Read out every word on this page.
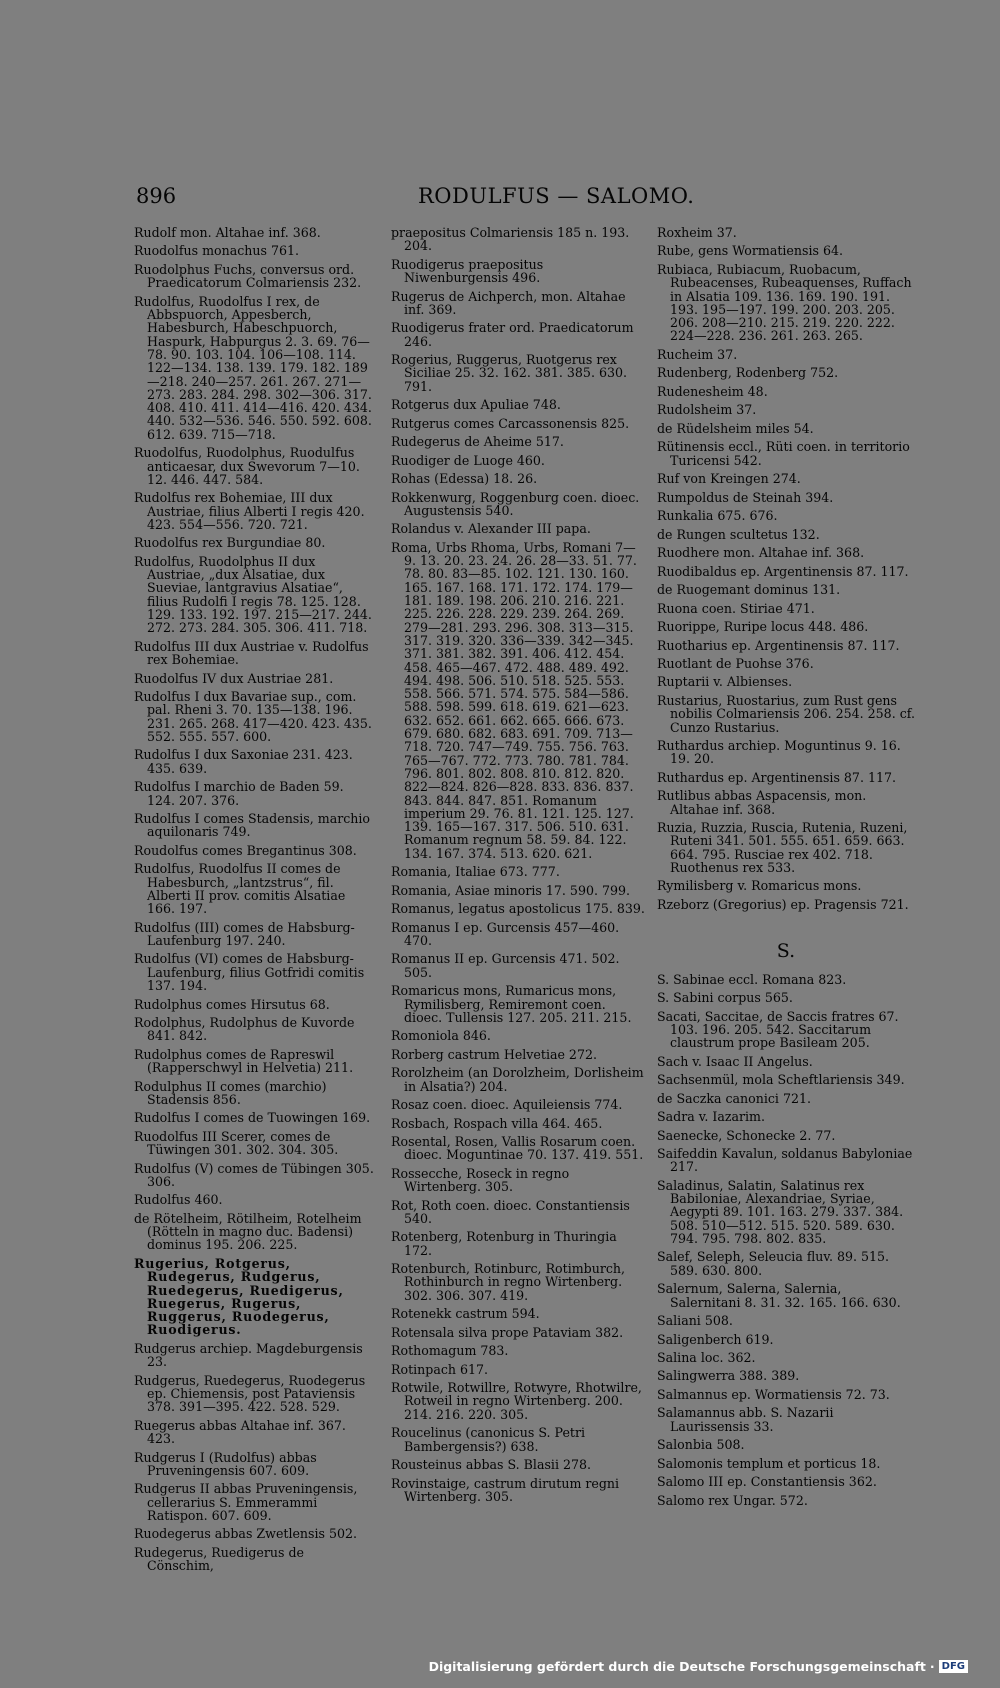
896	RODULFUS — SALOMO.
Rudolf mon. Altahae inf. 368.
Ruodolfus monachus 761.
Ruodolphus Fuchs, conversus ord. Praedicatorum Colmariensis 232.
Rudolfus, Ruodolfus I rex, de Abbspuorch, Appesberch, Habesburch, Habeschpuorch, Haspurk, Habpurgus 2. 3. 69. 76—78. 90. 103. 104. 106—108. 114. 122—134. 138. 139. 179. 182. 189—218. 240—257. 261. 267. 271—273. 283. 284. 298. 302—306. 317. 408. 410. 411. 414—416. 420. 434. 440. 532—536. 546. 550. 592. 608. 612. 639. 715—718.
Ruodolfus, Ruodolphus, Ruodulfus anticaesar, dux Swevorum 7—10. 12. 446. 447. 584.
Rudolfus rex Bohemiae, III dux Austriae, filius Alberti I regis 420. 423. 554—556. 720. 721.
Ruodolfus rex Burgundiae 80.
Rudolfus, Ruodolphus II dux Austriae, „dux Alsatiae, dux Sueviae, lantgravius Alsatiae“, filius Rudolfi I regis 78. 125. 128. 129. 133. 192. 197. 215—217. 244. 272. 273. 284. 305. 306. 411. 718.
Rudolfus III dux Austriae v. Rudolfus rex Bohemiae.
Ruodolfus IV dux Austriae 281.
Rudolfus I dux Bavariae sup., com. pal. Rheni 3. 70. 135—138. 196. 231. 265. 268. 417—420. 423. 435. 552. 555. 557. 600.
Rudolfus I dux Saxoniae 231. 423. 435. 639.
Rudolfus I marchio de Baden 59. 124. 207. 376.
Rudolfus I comes Stadensis, marchio aquilonaris 749.
Roudolfus comes Bregantinus 308.
Rudolfus, Ruodolfus II comes de Habesburch, „lantzstrus“, fil. Alberti II prov. comitis Alsatiae 166. 197.
Rudolfus (III) comes de Habsburg-Laufenburg 197. 240.
Rudolfus (VI) comes de Habsburg-Laufenburg, filius Gotfridi comitis 137. 194.
Rudolphus comes Hirsutus 68.
Rodolphus, Rudolphus de Kuvorde 841. 842.
Rudolphus comes de Rapreswil (Rapperschwyl in Helvetia) 211.
Rodulphus II comes (marchio) Stadensis 856.
Rudolfus I comes de Tuowingen 169.
Ruodolfus III Scerer, comes de Tüwingen 301. 302. 304. 305.
Rudolfus (V) comes de Tübingen 305. 306.
Rudolfus 460.
de Rötelheim, Rötilheim, Rotelheim (Rötteln in magno duc. Badensi) dominus 195. 206. 225.
Rugerius, Rotgerus, Rudegerus, Rudgerus, Ruedegerus, Ruedigerus, Ruegerus, Rugerus, Ruggerus, Ruodegerus, Ruodigerus.
Rudgerus archiep. Magdeburgensis 23.
Rudgerus, Ruedegerus, Ruodegerus ep. Chiemensis, post Pataviensis 378. 391—395. 422. 528. 529.
Ruegerus abbas Altahae inf. 367. 423.
Rudgerus I (Rudolfus) abbas Pruveningensis 607. 609.
Rudgerus II abbas Pruveningensis, cellerarius S. Emmerammi Ratispon. 607. 609.
Ruodegerus abbas Zwetlensis 502.
Rudegerus, Ruedigerus de Cönschim,
praepositus Colmariensis 185 n. 193. 204.
Ruodigerus praepositus Niwenburgensis 496.
Rugerus de Aichperch, mon. Altahae inf. 369.
Ruodigerus frater ord. Praedicatorum 246.
Rogerius, Ruggerus, Ruotgerus rex Siciliae 25. 32. 162. 381. 385. 630. 791.
Rotgerus dux Apuliae 748.
Rutgerus comes Carcassonensis 825.
Rudegerus de Aheime 517.
Ruodiger de Luoge 460.
Rohas (Edessa) 18. 26.
Rokkenwurg, Roggenburg coen. dioec. Augustensis 540.
Rolandus v. Alexander III papa.
Roma, Urbs Rhoma, Urbs, Romani 7—9. 13. 20. 23. 24. 26. 28—33. 51. 77. 78. 80. 83—85. 102. 121. 130. 160. 165. 167. 168. 171. 172. 174. 179—181. 189. 198. 206. 210. 216. 221. 225. 226. 228. 229. 239. 264. 269. 279—281. 293. 296. 308. 313—315. 317. 319. 320. 336—339. 342—345. 371. 381. 382. 391. 406. 412. 454. 458. 465—467. 472. 488. 489. 492. 494. 498. 506. 510. 518. 525. 553. 558. 566. 571. 574. 575. 584—586. 588. 598. 599. 618. 619. 621—623. 632. 652. 661. 662. 665. 666. 673. 679. 680. 682. 683. 691. 709. 713—718. 720. 747—749. 755. 756. 763. 765—767. 772. 773. 780. 781. 784. 796. 801. 802. 808. 810. 812. 820. 822—824. 826—828. 833. 836. 837. 843. 844. 847. 851. Romanum imperium 29. 76. 81. 121. 125. 127. 139. 165—167. 317. 506. 510. 631. Romanum regnum 58. 59. 84. 122. 134. 167. 374. 513. 620. 621.
Romania, Italiae 673. 777.
Romania, Asiae minoris 17. 590. 799.
Romanus, legatus apostolicus 175. 839.
Romanus I ep. Gurcensis 457—460. 470.
Romanus II ep. Gurcensis 471. 502. 505.
Romaricus mons, Rumaricus mons, Rymilisberg, Remiremont coen. dioec. Tullensis 127. 205. 211. 215.
Romoniola 846.
Rorberg castrum Helvetiae 272.
Rorolzheim (an Dorolzheim, Dorlisheim in Alsatia?) 204.
Rosaz coen. dioec. Aquileiensis 774.
Rosbach, Rospach villa 464. 465.
Rosental, Rosen, Vallis Rosarum coen. dioec. Moguntinae 70. 137. 419. 551.
Rossecche, Roseck in regno Wirtenberg. 305.
Rot, Roth coen. dioec. Constantiensis 540.
Rotenberg, Rotenburg in Thuringia 172.
Rotenburch, Rotinburc, Rotimburch, Rothinburch in regno Wirtenberg. 302. 306. 307. 419.
Rotenekk castrum 594.
Rotensala silva prope Pataviam 382.
Rothomagum 783.
Rotinpach 617.
Rotwile, Rotwillre, Rotwyre, Rhotwilre, Rotweil in regno Wirtenberg. 200. 214. 216. 220. 305.
Roucelinus (canonicus S. Petri Bambergensis?) 638.
Rousteinus abbas S. Blasii 278.
Rovinstaige, castrum dirutum regni Wirtenberg. 305.
Roxheim 37.
Rube, gens Wormatiensis 64.
Rubiaca, Rubiacum, Ruobacum, Rubeacenses, Rubeaquenses, Ruffach in Alsatia 109. 136. 169. 190. 191. 193. 195—197. 199. 200. 203. 205. 206. 208—210. 215. 219. 220. 222. 224—228. 236. 261. 263. 265.
Rucheim 37.
Rudenberg, Rodenberg 752.
Rudenesheim 48.
Rudolsheim 37.
de Rüdelsheim miles 54.
Rütinensis eccl., Rüti coen. in territorio Turicensi 542.
Ruf von Kreingen 274.
Rumpoldus de Steinah 394.
Runkalia 675. 676.
de Rungen scultetus 132.
Ruodhere mon. Altahae inf. 368.
Ruodibaldus ep. Argentinensis 87. 117.
de Ruogemant dominus 131.
Ruona coen. Stiriae 471.
Ruorippe, Ruripe locus 448. 486.
Ruotharius ep. Argentinensis 87. 117.
Ruotlant de Puohse 376.
Ruptarii v. Albienses.
Rustarius, Ruostarius, zum Rust gens nobilis Colmariensis 206. 254. 258. cf. Cunzo Rustarius.
Ruthardus archiep. Moguntinus 9. 16. 19. 20.
Ruthardus ep. Argentinensis 87. 117.
Rutlibus abbas Aspacensis, mon. Altahae inf. 368.
Ruzia, Ruzzia, Ruscia, Rutenia, Ruzeni, Ruteni 341. 501. 555. 651. 659. 663. 664. 795. Rusciae rex 402. 718. Ruothenus rex 533.
Rymilisberg v. Romaricus mons.
Rzeborz (Gregorius) ep. Pragensis 721.
S.
S. Sabinae eccl. Romana 823.
S. Sabini corpus 565.
Sacati, Saccitae, de Saccis fratres 67. 103. 196. 205. 542. Saccitarum claustrum prope Basileam 205.
Sach v. Isaac II Angelus.
Sachsenmül, mola Scheftlariensis 349.
de Saczka canonici 721.
Sadra v. Iazarim.
Saenecke, Schonecke 2. 77.
Saifeddin Kavalun, soldanus Babyloniae 217.
Saladinus, Salatin, Salatinus rex Babiloniae, Alexandriae, Syriae, Aegypti 89. 101. 163. 279. 337. 384. 508. 510—512. 515. 520. 589. 630. 794. 795. 798. 802. 835.
Salef, Seleph, Seleucia fluv. 89. 515. 589. 630. 800.
Salernum, Salerna, Salernia, Salernitani 8. 31. 32. 165. 166. 630.
Saliani 508.
Saligenberch 619.
Salina loc. 362.
Salingwerra 388. 389.
Salmannus ep. Wormatiensis 72. 73.
Salamannus abb. S. Nazarii Laurissensis 33.
Salonbia 508.
Salomonis templum et porticus 18.
Salomo III ep. Constantiensis 362.
Salomo rex Ungar. 572.
Digitalisierung gefördert durch die Deutsche Forschungsgemeinschaft · DFG
